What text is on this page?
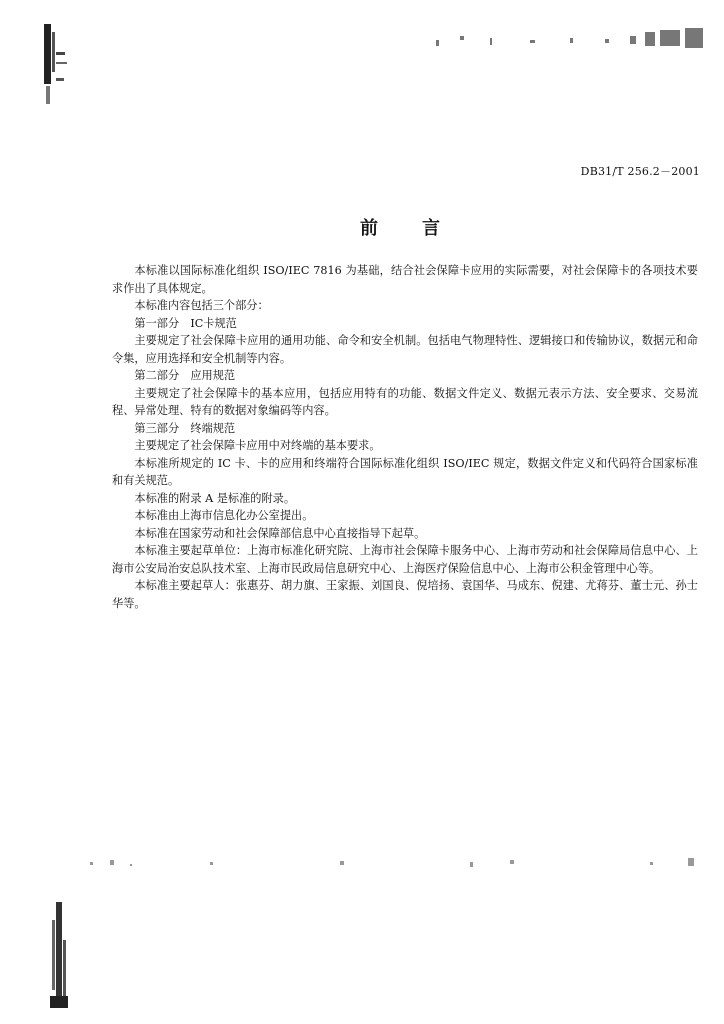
DB31/T 256.2－2001
前言

本标准以国际标准化组织 ISO/IEC 7816 为基础，结合社会保障卡应用的实际需要，对社会保障卡的各项技术要求作出了具体规定。

本标准内容包括三个部分：

第一部分　IC卡规范

主要规定了社会保障卡应用的通用功能、命令和安全机制。包括电气物理特性、逻辑接口和传输协议，数据元和命令集，应用选择和安全机制等内容。

第二部分　应用规范

主要规定了社会保障卡的基本应用，包括应用特有的功能、数据文件定义、数据元表示方法、安全要求、交易流程、异常处理、特有的数据对象编码等内容。

第三部分　终端规范

主要规定了社会保障卡应用中对终端的基本要求。

本标准所规定的 IC 卡、卡的应用和终端符合国际标准化组织 ISO/IEC 规定，数据文件定义和代码符合国家标准和有关规范。

本标准的附录 A 是标准的附录。

本标准由上海市信息化办公室提出。

本标准在国家劳动和社会保障部信息中心直接指导下起草。

本标准主要起草单位：上海市标准化研究院、上海市社会保障卡服务中心、上海市劳动和社会保障局信息中心、上海市公安局治安总队技术室、上海市民政局信息研究中心、上海医疗保险信息中心、上海市公积金管理中心等。

本标准主要起草人：张惠芬、胡力旗、王家振、刘国良、倪培扬、袁国华、马成东、倪建、尤蒋芬、董士元、孙士华等。
